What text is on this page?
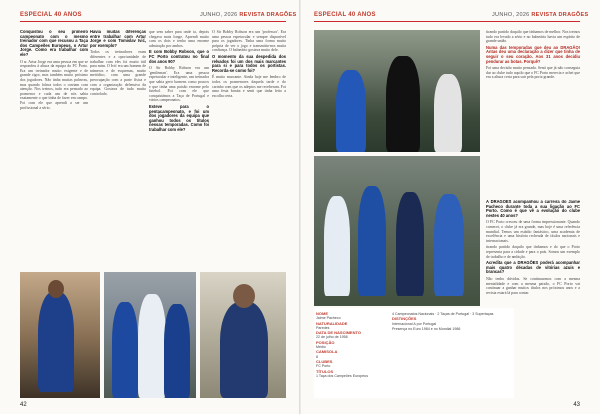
ESPECIAL 40 ANOS	JUNHO, 2026 REVISTA DRAGÕES	ESPECIAL 40 ANOS	JUNHO, 2026 REVISTA DRAGÕES

Conquistou o seu primeiro campeonato com o mesmo treinador com que recusou a Taça dos Campeões Europeus, o Artur Jorge. Como era trabalhar com ele?

O sr. Artur Jorge era uma pessoa em que se respondeu à altura da equipa do FC Porto. Era um treinador muito exigente e de grande rigor, mas também muito próximo dos jogadores. Não tinha muitas palavras, mas quando falava todos o ouviam com atenção. Nos treinos, tudo era pensado ao pormenor e cada um de nós sabia exatamente o que tinha de fazer em campo. Foi com ele que aprendi a ser um profissional a sério.

Havia muitas diferenças entre trabalhar com Artur Jorge e com Tomislav Ivić, por exemplo?

Todos os treinadores eram diferentes e a oportunidade de trabalhar com eles foi muito útil para mim. O Ivić era um homem de números e de esquemas, muito metódico, com uma grande preocupação com a parte física e com a organização defensiva da equipa. Gostava de tudo muito controlado.

que sem saber para onde ia, depois chegava mais longe. Aprendi muito com os dois e tenho uma enorme admiração por ambos.

E com Bobby Robson, que o FC Porto contratou no final dos anos 90?

O Sir Bobby Robson era um 'gentleman'. Era uma pessoa espetacular e inteligente, um treinador que sabia gerir homens como poucos e que tinha uma paixão enorme pelo futebol. Foi com ele que conquistámos a Taça de Portugal e vários campeonatos.

Esteve para o pentacampeonato, e foi um dos jogadores da equipa que ganhou todos os títulos nessas temporadas. Como foi trabalhar com ele?

O Sir Bobby Robson era um 'professor'. Era uma pessoa espetacular e sempre disponível para os jogadores. Tinha uma forma muito própria de ver o jogo e transmitia-nos muita confiança. O balneário gostava muito dele.

O momento da sua despedida dos relvados foi um dos mais marcantes para si e para todos os portistas. Recorda-se como foi?

É muito marcante. Ainda hoje me lembro de todos os pormenores daquela tarde e do carinho com que os adeptos me receberam. Foi uma festa bonita e senti que tinha feito a escolha certa.

tirando partido daquilo que tínhamos de melhor. Nos treinos tudo era levado a sério e no balneário havia um espírito de grande união.

Numa das temporadas que deu ao DRAGÃO! Antas deu uma declaração a dizer que tinha de seguir o seu coração. Aos 31 anos decidiu pendurar as botas. Porquê?

Foi uma decisão muito pensada. Senti que já não conseguia dar ao clube tudo aquilo que o FC Porto merecia e achei que era a altura certa para sair pela porta grande.

A DRAGÕES acompanhou a carreira do Jaime Pacheco durante toda a sua ligação ao FC Porto. Como é que vê a evolução do clube nestes 40 anos?

O FC Porto cresceu de uma forma impressionante. Quando comecei, o clube já era grande, mas hoje é uma referência mundial. Temos um estádio fantástico, uma academia de excelência e uma história recheada de títulos nacionais e internacionais.

tirando partido daquilo que tínhamos e do que o Porto representa para a cidade e para o país. Somos um exemplo de trabalho e de ambição.

Acredita que a DRAGÕES poderá acompanhar mais quatro décadas de vitórias azuis e brancas?

Não tenho dúvidas. Se continuarmos com a mesma mentalidade e com a mesma paixão, o FC Porto vai continuar a ganhar muitos títulos nos próximos anos e a revista estará lá para contar.

NOME
Jaime Pacheco
NATURALIDADE
Paredes
DATA DE NASCIMENTO
22 de julho de 1958
POSIÇÃO
Médio
CAMISOLA
8
CLUBES
FC Porto
TÍTULOS
1 Taça dos Campeões Europeus
4 Campeonatos Nacionais · 2 Taças de Portugal · 3 Supertaças
DISTINÇÕES
Internacional A por Portugal
Presença no Euro 1984 e no Mundial 1986
42	43
